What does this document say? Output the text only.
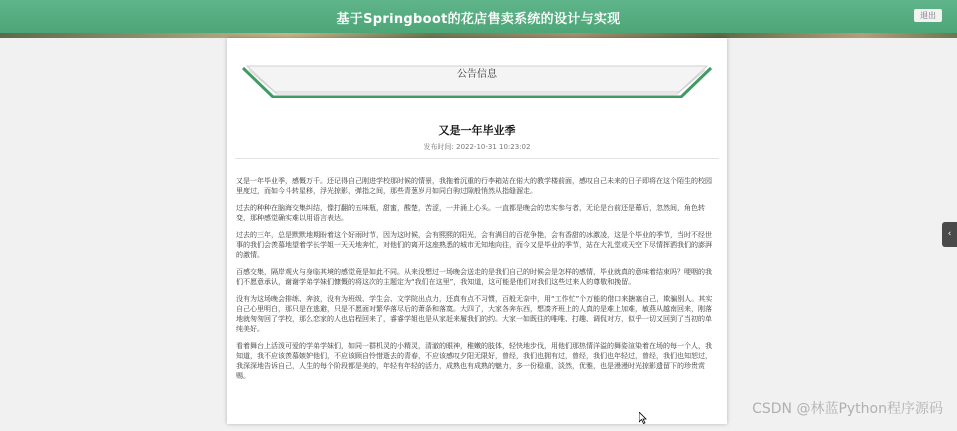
基于Springboot的花店售卖系统的设计与实现	退出
公告信息
又是一年毕业季
发布时间: 2022-10-31 10:23:02

又是一年毕业季，感慨万千。还记得自己刚进学校那时候的情景，我拖着沉重的行李箱站在偌大的教学楼前面，感叹自己未来的日子即将在这个陌生的校园里度过，而如今斗转星移，浮光掠影，弹指之间，那些青葱岁月如同白驹过隙般悄然从指缝溜走。

过去的种种在脑海交集纠结，像打翻的五味瓶，甜蜜，酸楚，苦涩，一并涌上心头。一直都是晚会的忠实参与者，无论是台前还是幕后，忽然间，角色转变，那种感觉确实难以用语言表达。

过去的三年，总是默默地期盼着这个好雨时节，因为这时候，会有熙熙的阳光，会有满目的百花争艳，会有香甜的冰激凌，这是个毕业的季节，当时不经世事的我们会羡慕地望着学长学姐一天天地奔忙，对他们的离开这座熟悉的城市无知地向往，而今又是毕业的季节，站在大礼堂或天空下尽情挥洒我们的澎湃的激情。

百感交集，隔岸观火与身临其境的感觉竟是如此不同。从来没想过一场晚会送走的是我们自己的时候会是怎样的感情，毕业就真的意味着结束吗？哽咽的我们不愿意承认，谢谢学弟学妹们慷慨的将这次的主题定为“我们在这里”，我知道，这可能是他们对我们这些过来人的尊敬和挽留。

没有为这场晚会排练、奔波，没有为班级、学生会、文学院出点力，还真有点不习惯，百般无奈中，用“工作忙”个万能的借口来搪塞自己，欺骗别人。其实自己心里明白，那只是在逃避，只是不愿面对繁华落尽后的萧条和落寞。大四了，大家各奔东西，想凑齐班上的人真的是难上加难，敏燕从越南回来，刚落地就匆匆回了学校，那么恋家的人也启程回来了，睿睿学姐也是从家赶来履我们的约。大家一如既往的唯唯、打趣、调侃对方，似乎一切又回到了当初的单纯美好。

看着舞台上活泼可爱的学弟学妹们，如同一群机灵的小精灵，清澈的眼神，稚嫩的肢体，轻快地步伐，用他们那热情洋溢的舞姿渲染着在场的每一个人，我知道，我不应该羡慕嫉妒他们，不应该顾自怜惜逝去的青春，不应该感叹夕阳无限好，曾经，我们也拥有过，曾经，我们也年轻过，曾经，我们也知恕过，我深深地告诉自己，人生的每个阶段都是美的，年轻有年轻的活力，成熟也有成熟的魅力，多一份稳重，淡然，优雅，也是漫漫时光掠影遗留下的珍贵赏赐。

‹
CSDN @林蓝Python程序源码
